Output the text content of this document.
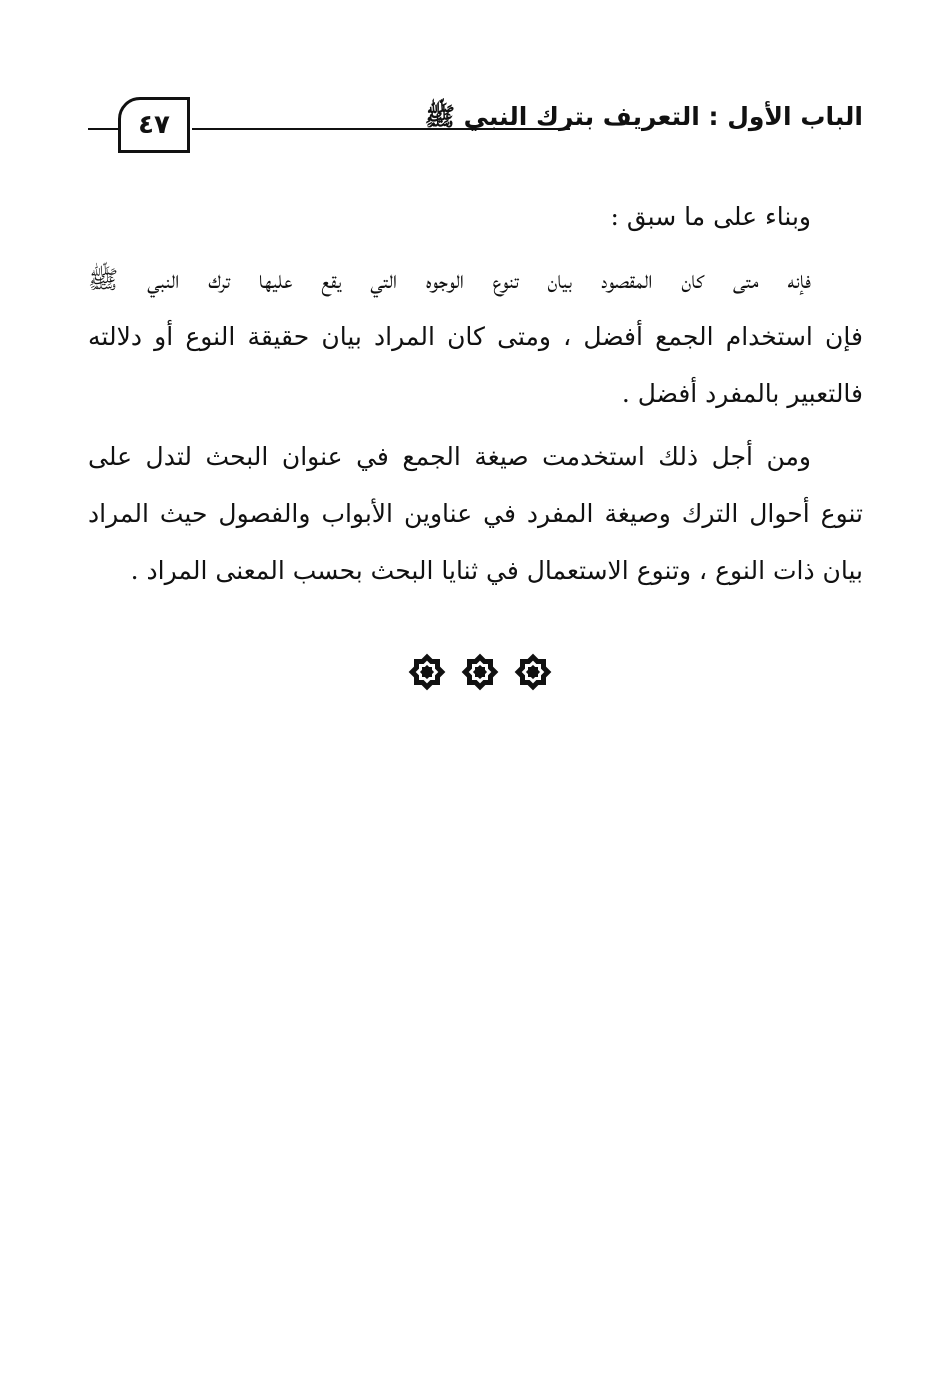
٤٧	الباب الأول : التعريف بترك النبي ﷺ
وبناء على ما سبق :
فإنه متى كان المقصود بيان تنوع الوجوه التي يقع عليها ترك النبي ﷺ
فإن استخدام الجمع أفضل ، ومتى كان المراد بيان حقيقة النوع أو دلالته
فالتعبير بالمفرد أفضل .
ومن أجل ذلك استخدمت صيغة الجمع في عنوان البحث لتدل على
تنوع أحوال الترك وصيغة المفرد في عناوين الأبواب والفصول حيث المراد
بيان ذات النوع ، وتنوع الاستعمال في ثنايا البحث بحسب المعنى المراد .
